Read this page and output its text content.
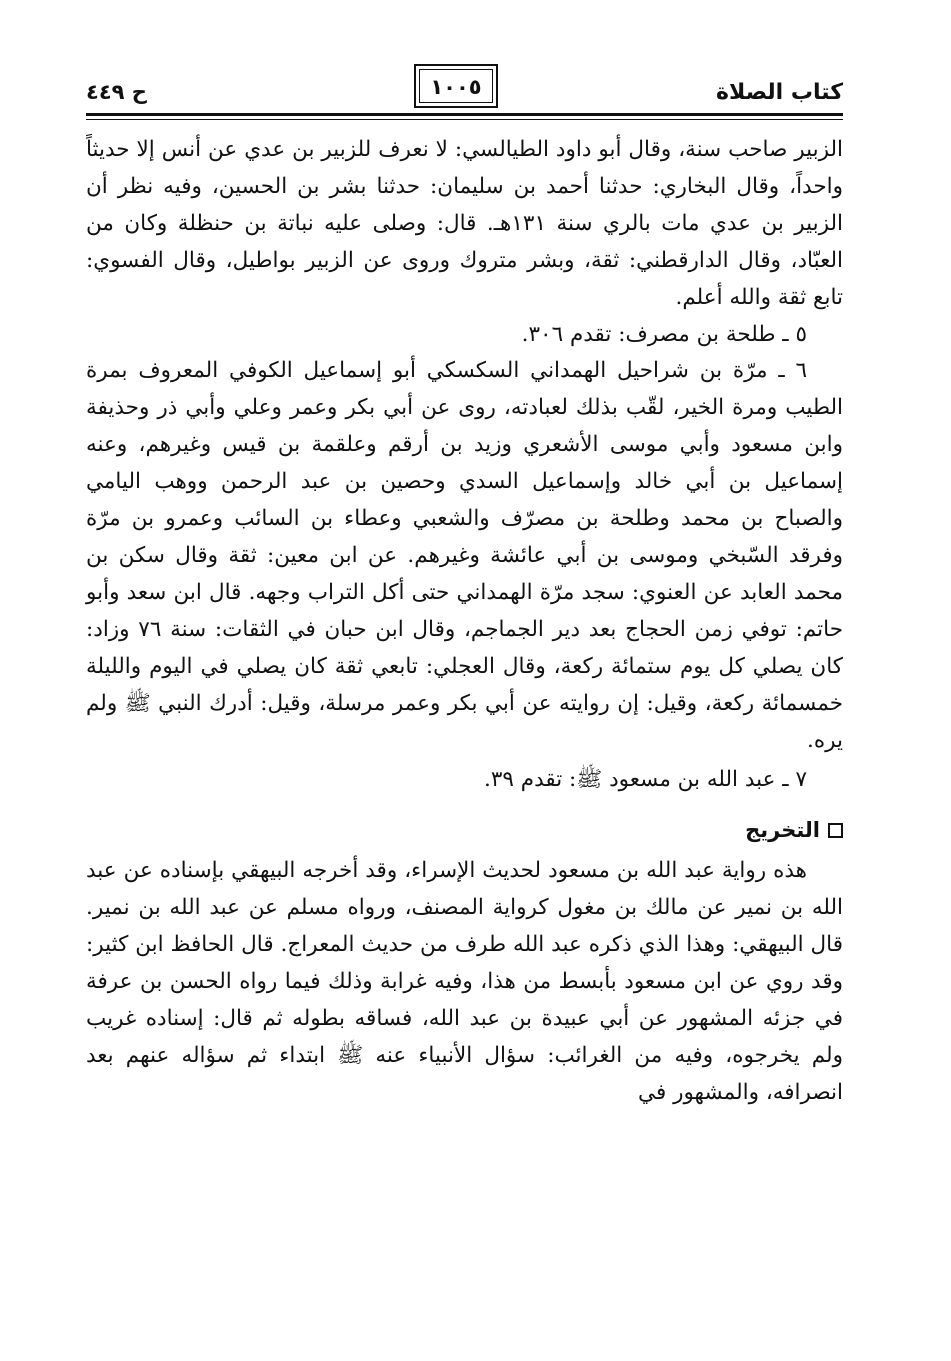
كتاب الصلاة
١٠٠٥
ح ٤٤٩

الزبير صاحب سنة، وقال أبو داود الطيالسي: لا نعرف للزبير بن عدي عن أنس إلا حديثاً واحداً، وقال البخاري: حدثنا أحمد بن سليمان: حدثنا بشر بن الحسين، وفيه نظر أن الزبير بن عدي مات بالري سنة ١٣١هـ. قال: وصلى عليه نباتة بن حنظلة وكان من العبّاد، وقال الدارقطني: ثقة، وبشر متروك وروى عن الزبير بواطيل، وقال الفسوي: تابع ثقة والله أعلم.

٥ ـ طلحة بن مصرف: تقدم ٣٠٦.

٦ ـ مرّة بن شراحيل الهمداني السكسكي أبو إسماعيل الكوفي المعروف بمرة الطيب ومرة الخير، لقّب بذلك لعبادته، روى عن أبي بكر وعمر وعلي وأبي ذر وحذيفة وابن مسعود وأبي موسى الأشعري وزيد بن أرقم وعلقمة بن قيس وغيرهم، وعنه إسماعيل بن أبي خالد وإسماعيل السدي وحصين بن عبد الرحمن ووهب اليامي والصباح بن محمد وطلحة بن مصرّف والشعبي وعطاء بن السائب وعمرو بن مرّة وفرقد السّبخي وموسى بن أبي عائشة وغيرهم. عن ابن معين: ثقة وقال سكن بن محمد العابد عن العنوي: سجد مرّة الهمداني حتى أكل التراب وجهه. قال ابن سعد وأبو حاتم: توفي زمن الحجاج بعد دير الجماجم، وقال ابن حبان في الثقات: سنة ٧٦ وزاد: كان يصلي كل يوم ستمائة ركعة، وقال العجلي: تابعي ثقة كان يصلي في اليوم والليلة خمسمائة ركعة، وقيل: إن روايته عن أبي بكر وعمر مرسلة، وقيل: أدرك النبي ﷺ ولم يره.

٧ ـ عبد الله بن مسعود ﷺ: تقدم ٣٩.

التخريج

هذه رواية عبد الله بن مسعود لحديث الإسراء، وقد أخرجه البيهقي بإسناده عن عبد الله بن نمير عن مالك بن مغول كرواية المصنف، ورواه مسلم عن عبد الله بن نمير. قال البيهقي: وهذا الذي ذكره عبد الله طرف من حديث المعراج. قال الحافظ ابن كثير: وقد روي عن ابن مسعود بأبسط من هذا، وفيه غرابة وذلك فيما رواه الحسن بن عرفة في جزئه المشهور عن أبي عبيدة بن عبد الله، فساقه بطوله ثم قال: إسناده غريب ولم يخرجوه، وفيه من الغرائب: سؤال الأنبياء عنه ﷺ ابتداء ثم سؤاله عنهم بعد انصرافه، والمشهور في
